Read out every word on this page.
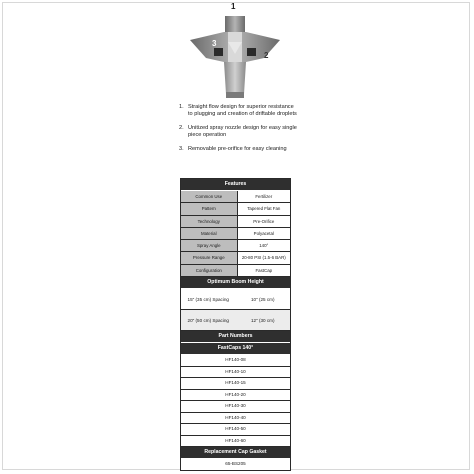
1
2
3
1. Straight flow design for superior resistance to plugging and creation of driftable droplets
2. Unitized spray nozzle design for easy single piece operation
3. Removable pre-orifice for easy cleaning
Features
Common Use	Fertilizer
Pattern	Tapered Flat Fan
Technology	Pre-Orifice
Material	Polyacetal
Spray Angle	140°
Pressure Range	20-80 PSI (1.5-6 BAR)
Configuration	FastCap
Optimum Boom Height
15" (35 cm) Spacing	10" (25 cm)
20" (50 cm) Spacing	12" (30 cm)
Part Numbers
FastCaps 140°
HF140-08
HF140-10
HF140-15
HF140-20
HF140-30
HF140-40
HF140-50
HF140-60
Replacement Cap Gasket
65-BS205
